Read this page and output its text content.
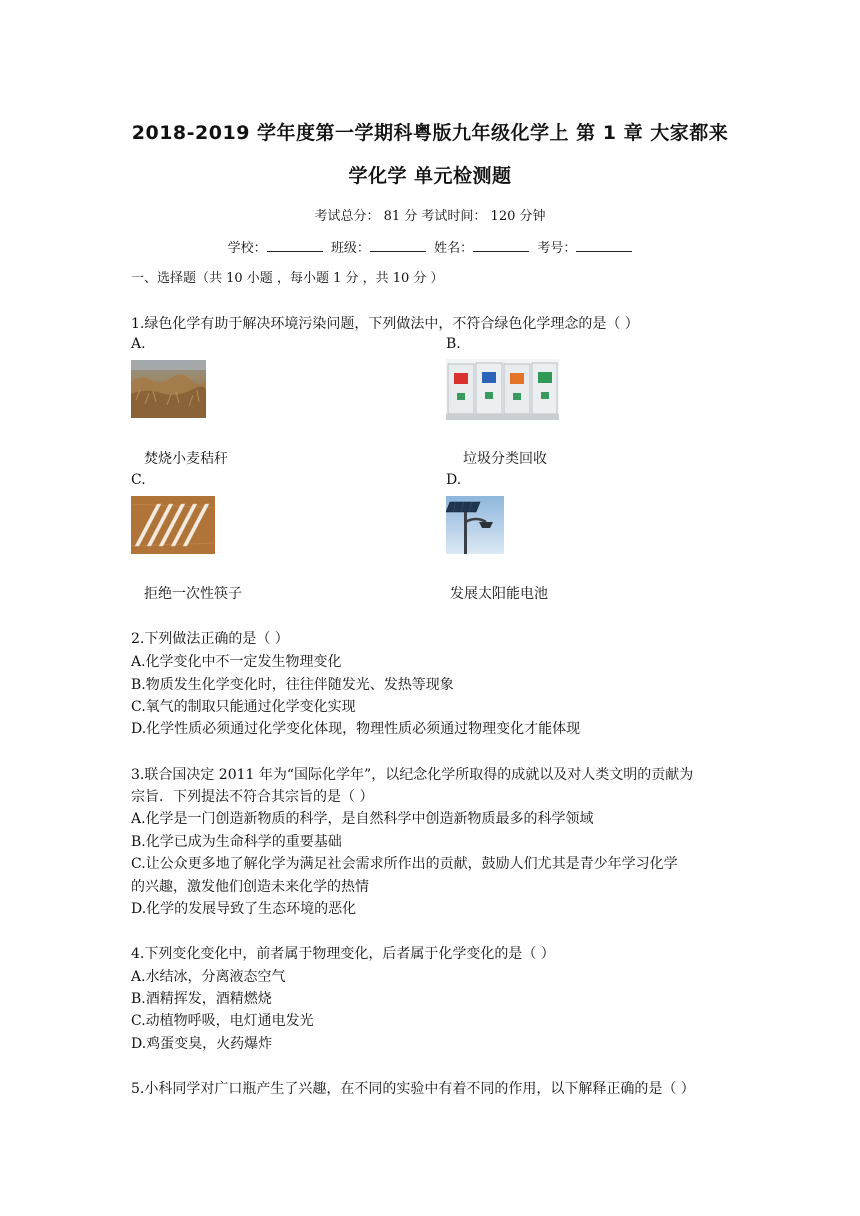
2018-2019 学年度第一学期科粤版九年级化学上 第 1 章 大家都来
学化学 单元检测题
考试总分： 81 分 考试时间： 120 分钟
学校：	班级：	姓名：	考号：
一、选择题（共 10 小题 ，每小题 1 分 ，共 10 分 ）
1.绿色化学有助于解决环境污染问题，下列做法中，不符合绿色化学理念的是（ ）
A.	B.
焚烧小麦秸秆	垃圾分类回收
C.	D.
拒绝一次性筷子	发展太阳能电池
2.下列做法正确的是（ ）
A.化学变化中不一定发生物理变化
B.物质发生化学变化时，往往伴随发光、发热等现象
C.氧气的制取只能通过化学变化实现
D.化学性质必须通过化学变化体现，物理性质必须通过物理变化才能体现
3.联合国决定 2011 年为“国际化学年”，以纪念化学所取得的成就以及对人类文明的贡献为
宗旨．下列提法不符合其宗旨的是（ ）
A.化学是一门创造新物质的科学，是自然科学中创造新物质最多的科学领域
B.化学已成为生命科学的重要基础
C.让公众更多地了解化学为满足社会需求所作出的贡献，鼓励人们尤其是青少年学习化学
的兴趣，激发他们创造未来化学的热情
D.化学的发展导致了生态环境的恶化
4.下列变化变化中，前者属于物理变化，后者属于化学变化的是（ ）
A.水结冰，分离液态空气
B.酒精挥发，酒精燃烧
C.动植物呼吸，电灯通电发光
D.鸡蛋变臭，火药爆炸
5.小科同学对广口瓶产生了兴趣，在不同的实验中有着不同的作用，以下解释正确的是（ ）
